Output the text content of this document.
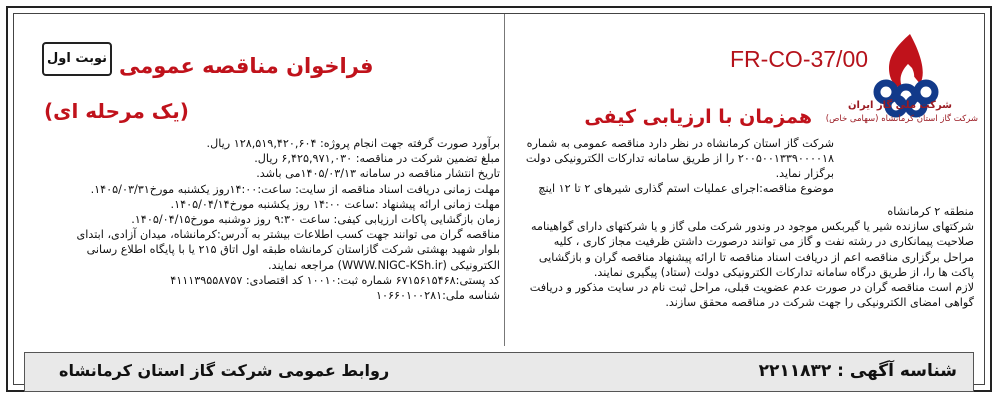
شرکت ملی گاز ایران
شرکت گاز استان کرمانشاه (سهامی خاص)
FR-CO-37/00
همزمان با ارزیابی کیفی

شرکت گاز استان کرمانشاه در نظر دارد مناقصه عمومی به شماره

۲۰۰۵۰۰۱۳۳۹۰۰۰۰۱۸ را از طریق سامانه تدارکات الکترونیکی دولت

برگزار نماید.

موضوع مناقصه:اجرای عملیات استم گذاری شیرهای ۲ تا ۱۲ اینچ

منطقه ۲ کرمانشاه

شرکتهای سازنده شیر یا گیربکس موجود در وندور شرکت ملی گاز و یا شرکتهای دارای گواهینامه

صلاحیت پیمانکاری در رشته نفت و گاز می توانند درصورت داشتن ظرفیت مجاز کاری ، کلیه

مراحل برگزاری مناقصه اعم از دریافت اسناد مناقصه تا ارائه پیشنهاد مناقصه گران و بازگشایی

پاکت ها را، از طریق درگاه سامانه تدارکات الکترونیکی دولت (ستاد) پیگیری نمایند.

لازم است مناقصه گران در صورت عدم عضویت قبلی، مراحل ثبت نام در سایت مذکور و دریافت

گواهی امضای الکترونیکی را جهت شرکت در مناقصه محقق سازند.

نوبت اول فراخوان مناقصه عمومی
(یک مرحله ای)

برآورد صورت گرفته جهت انجام پروژه: ۱۲۸,۵۱۹,۴۲۰,۶۰۴ ریال.

مبلغ تضمین شرکت در مناقصه: ۶,۴۲۵,۹۷۱,۰۳۰ ریال.

تاریخ انتشار مناقصه در سامانه ۱۴۰۵/۰۳/۱۳می باشد.

مهلت زمانی دریافت اسناد مناقصه از سایت: ساعت:۱۴:۰۰روز یکشنبه مورخ۱۴۰۵/۰۳/۳۱.

مهلت زمانی ارائه پیشنهاد :ساعت ۱۴:۰۰ روز یکشنبه مورخ۱۴۰۵/۰۴/۱۴.

زمان بازگشایی پاکات ارزیابی کیفی: ساعت ۹:۳۰ روز دوشنبه مورخ۱۴۰۵/۰۴/۱۵.

مناقصه گران می توانند جهت کسب اطلاعات بیشتر به آدرس:کرمانشاه، میدان آزادی، ابتدای

بلوار شهید بهشتی شرکت گازاستان کرمانشاه طبقه اول اتاق ۲۱۵ یا با پایگاه اطلاع رسانی

الکترونیکی (WWW.NIGC-KSh.ir) مراجعه نمایند.

کد پستی:۶۷۱۵۶۱۵۴۶۸ شماره ثبت:۱۰۰۱۰ کد اقتصادی: ۴۱۱۱۳۹۵۵۸۷۵۷

شناسه ملی:۱۰۶۶۰۱۰۰۲۸۱

روابط عمومی شرکت گاز استان کرمانشاه	شناسه آگهی : ۲۲۱۱۸۳۲
